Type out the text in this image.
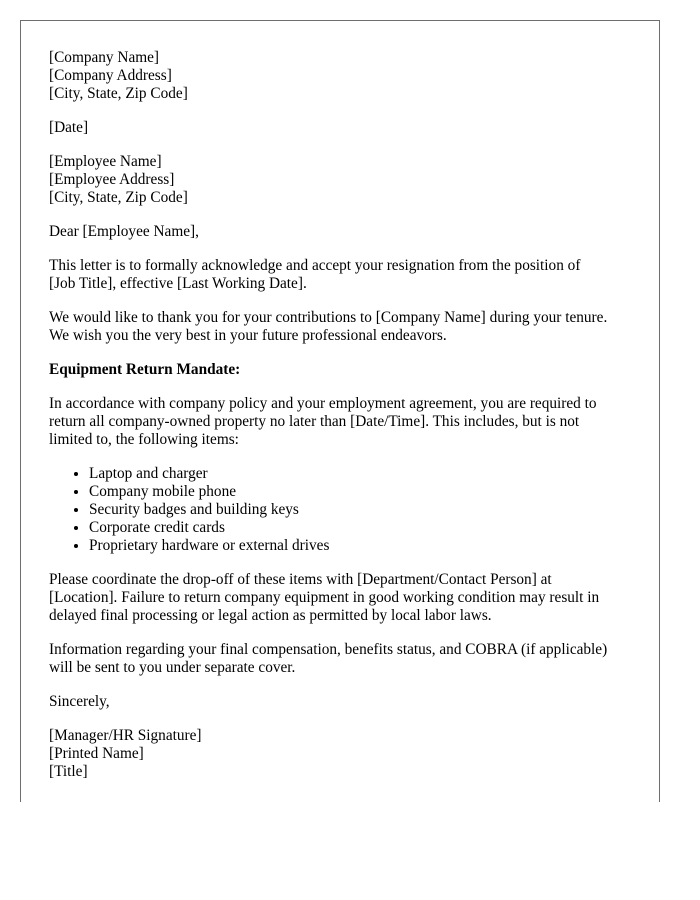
[Company Name]
[Company Address]
[City, State, Zip Code]
[Date]
[Employee Name]
[Employee Address]
[City, State, Zip Code]

Dear [Employee Name],

This letter is to formally acknowledge and accept your resignation from the position of
[Job Title], effective [Last Working Date].

We would like to thank you for your contributions to [Company Name] during your tenure.
We wish you the very best in your future professional endeavors.

Equipment Return Mandate:

In accordance with company policy and your employment agreement, you are required to
return all company-owned property no later than [Date/Time]. This includes, but is not
limited to, the following items:

• Laptop and charger
• Company mobile phone
• Security badges and building keys
• Corporate credit cards
• Proprietary hardware or external drives

Please coordinate the drop-off of these items with [Department/Contact Person] at
[Location]. Failure to return company equipment in good working condition may result in
delayed final processing or legal action as permitted by local labor laws.

Information regarding your final compensation, benefits status, and COBRA (if applicable)
will be sent to you under separate cover.

Sincerely,

[Manager/HR Signature]
[Printed Name]
[Title]
